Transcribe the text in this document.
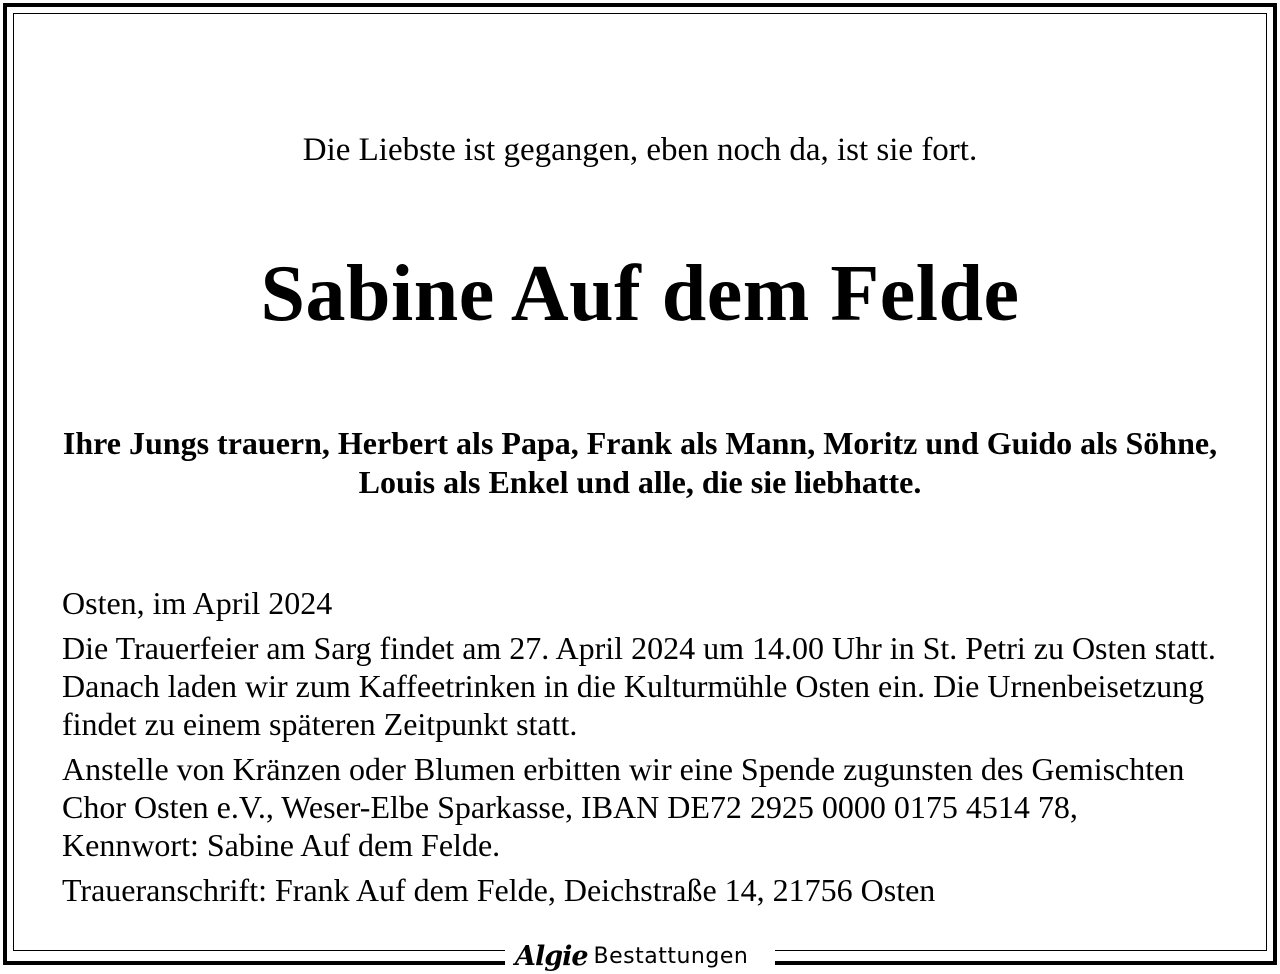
Die Liebste ist gegangen, eben noch da, ist sie fort.
Sabine Auf dem Felde
Ihre Jungs trauern, Herbert als Papa, Frank als Mann, Moritz und Guido als Söhne, Louis als Enkel und alle, die sie liebhatte.

Osten, im April 2024

Die Trauerfeier am Sarg findet am 27. April 2024 um 14.00 Uhr in St. Petri zu Osten statt. Danach laden wir zum Kaffeetrinken in die Kulturmühle Osten ein. Die Urnenbeisetzung findet zu einem späteren Zeitpunkt statt.

Anstelle von Kränzen oder Blumen erbitten wir eine Spende zugunsten des Gemischten Chor Osten e.V., Weser-Elbe Sparkasse, IBAN DE72 2925 0000 0175 4514 78, Kennwort: Sabine Auf dem Felde.

Traueranschrift: Frank Auf dem Felde, Deichstraße 14, 21756 Osten

Algie Bestattungen
